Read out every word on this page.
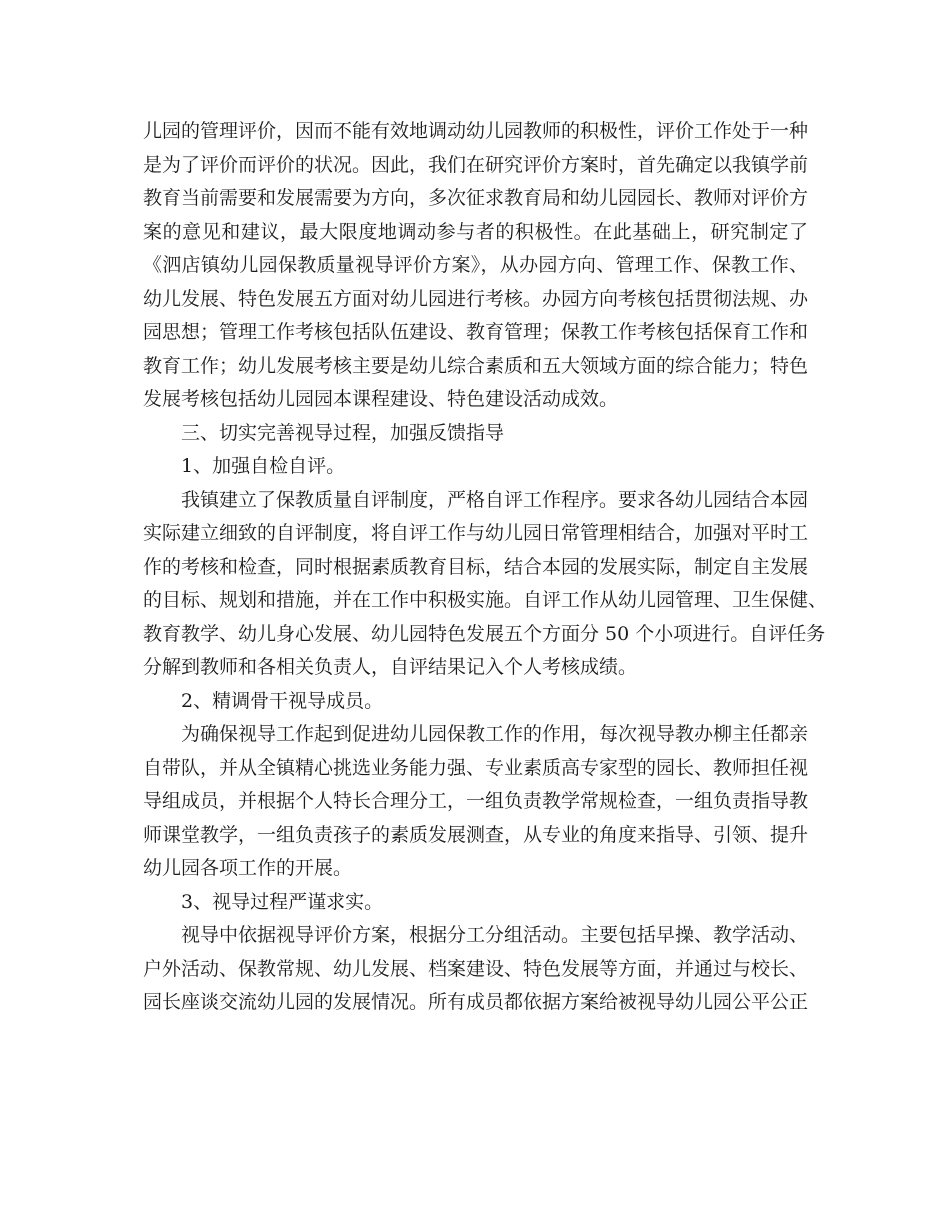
儿园的管理评价，因而不能有效地调动幼儿园教师的积极性，评价工作处于一种
是为了评价而评价的状况。因此，我们在研究评价方案时，首先确定以我镇学前
教育当前需要和发展需要为方向，多次征求教育局和幼儿园园长、教师对评价方
案的意见和建议，最大限度地调动参与者的积极性。在此基础上，研究制定了
《泗店镇幼儿园保教质量视导评价方案》，从办园方向、管理工作、保教工作、
幼儿发展、特色发展五方面对幼儿园进行考核。办园方向考核包括贯彻法规、办
园思想；管理工作考核包括队伍建设、教育管理；保教工作考核包括保育工作和
教育工作；幼儿发展考核主要是幼儿综合素质和五大领域方面的综合能力；特色
发展考核包括幼儿园园本课程建设、特色建设活动成效。
三、切实完善视导过程，加强反馈指导
1、加强自检自评。
我镇建立了保教质量自评制度，严格自评工作程序。要求各幼儿园结合本园
实际建立细致的自评制度，将自评工作与幼儿园日常管理相结合，加强对平时工
作的考核和检查，同时根据素质教育目标，结合本园的发展实际，制定自主发展
的目标、规划和措施，并在工作中积极实施。自评工作从幼儿园管理、卫生保健、
教育教学、幼儿身心发展、幼儿园特色发展五个方面分 50 个小项进行。自评任务
分解到教师和各相关负责人，自评结果记入个人考核成绩。
2、精调骨干视导成员。
为确保视导工作起到促进幼儿园保教工作的作用，每次视导教办柳主任都亲
自带队，并从全镇精心挑选业务能力强、专业素质高专家型的园长、教师担任视
导组成员，并根据个人特长合理分工，一组负责教学常规检查，一组负责指导教
师课堂教学，一组负责孩子的素质发展测查，从专业的角度来指导、引领、提升
幼儿园各项工作的开展。
3、视导过程严谨求实。
视导中依据视导评价方案，根据分工分组活动。主要包括早操、教学活动、
户外活动、保教常规、幼儿发展、档案建设、特色发展等方面，并通过与校长、
园长座谈交流幼儿园的发展情况。所有成员都依据方案给被视导幼儿园公平公正
